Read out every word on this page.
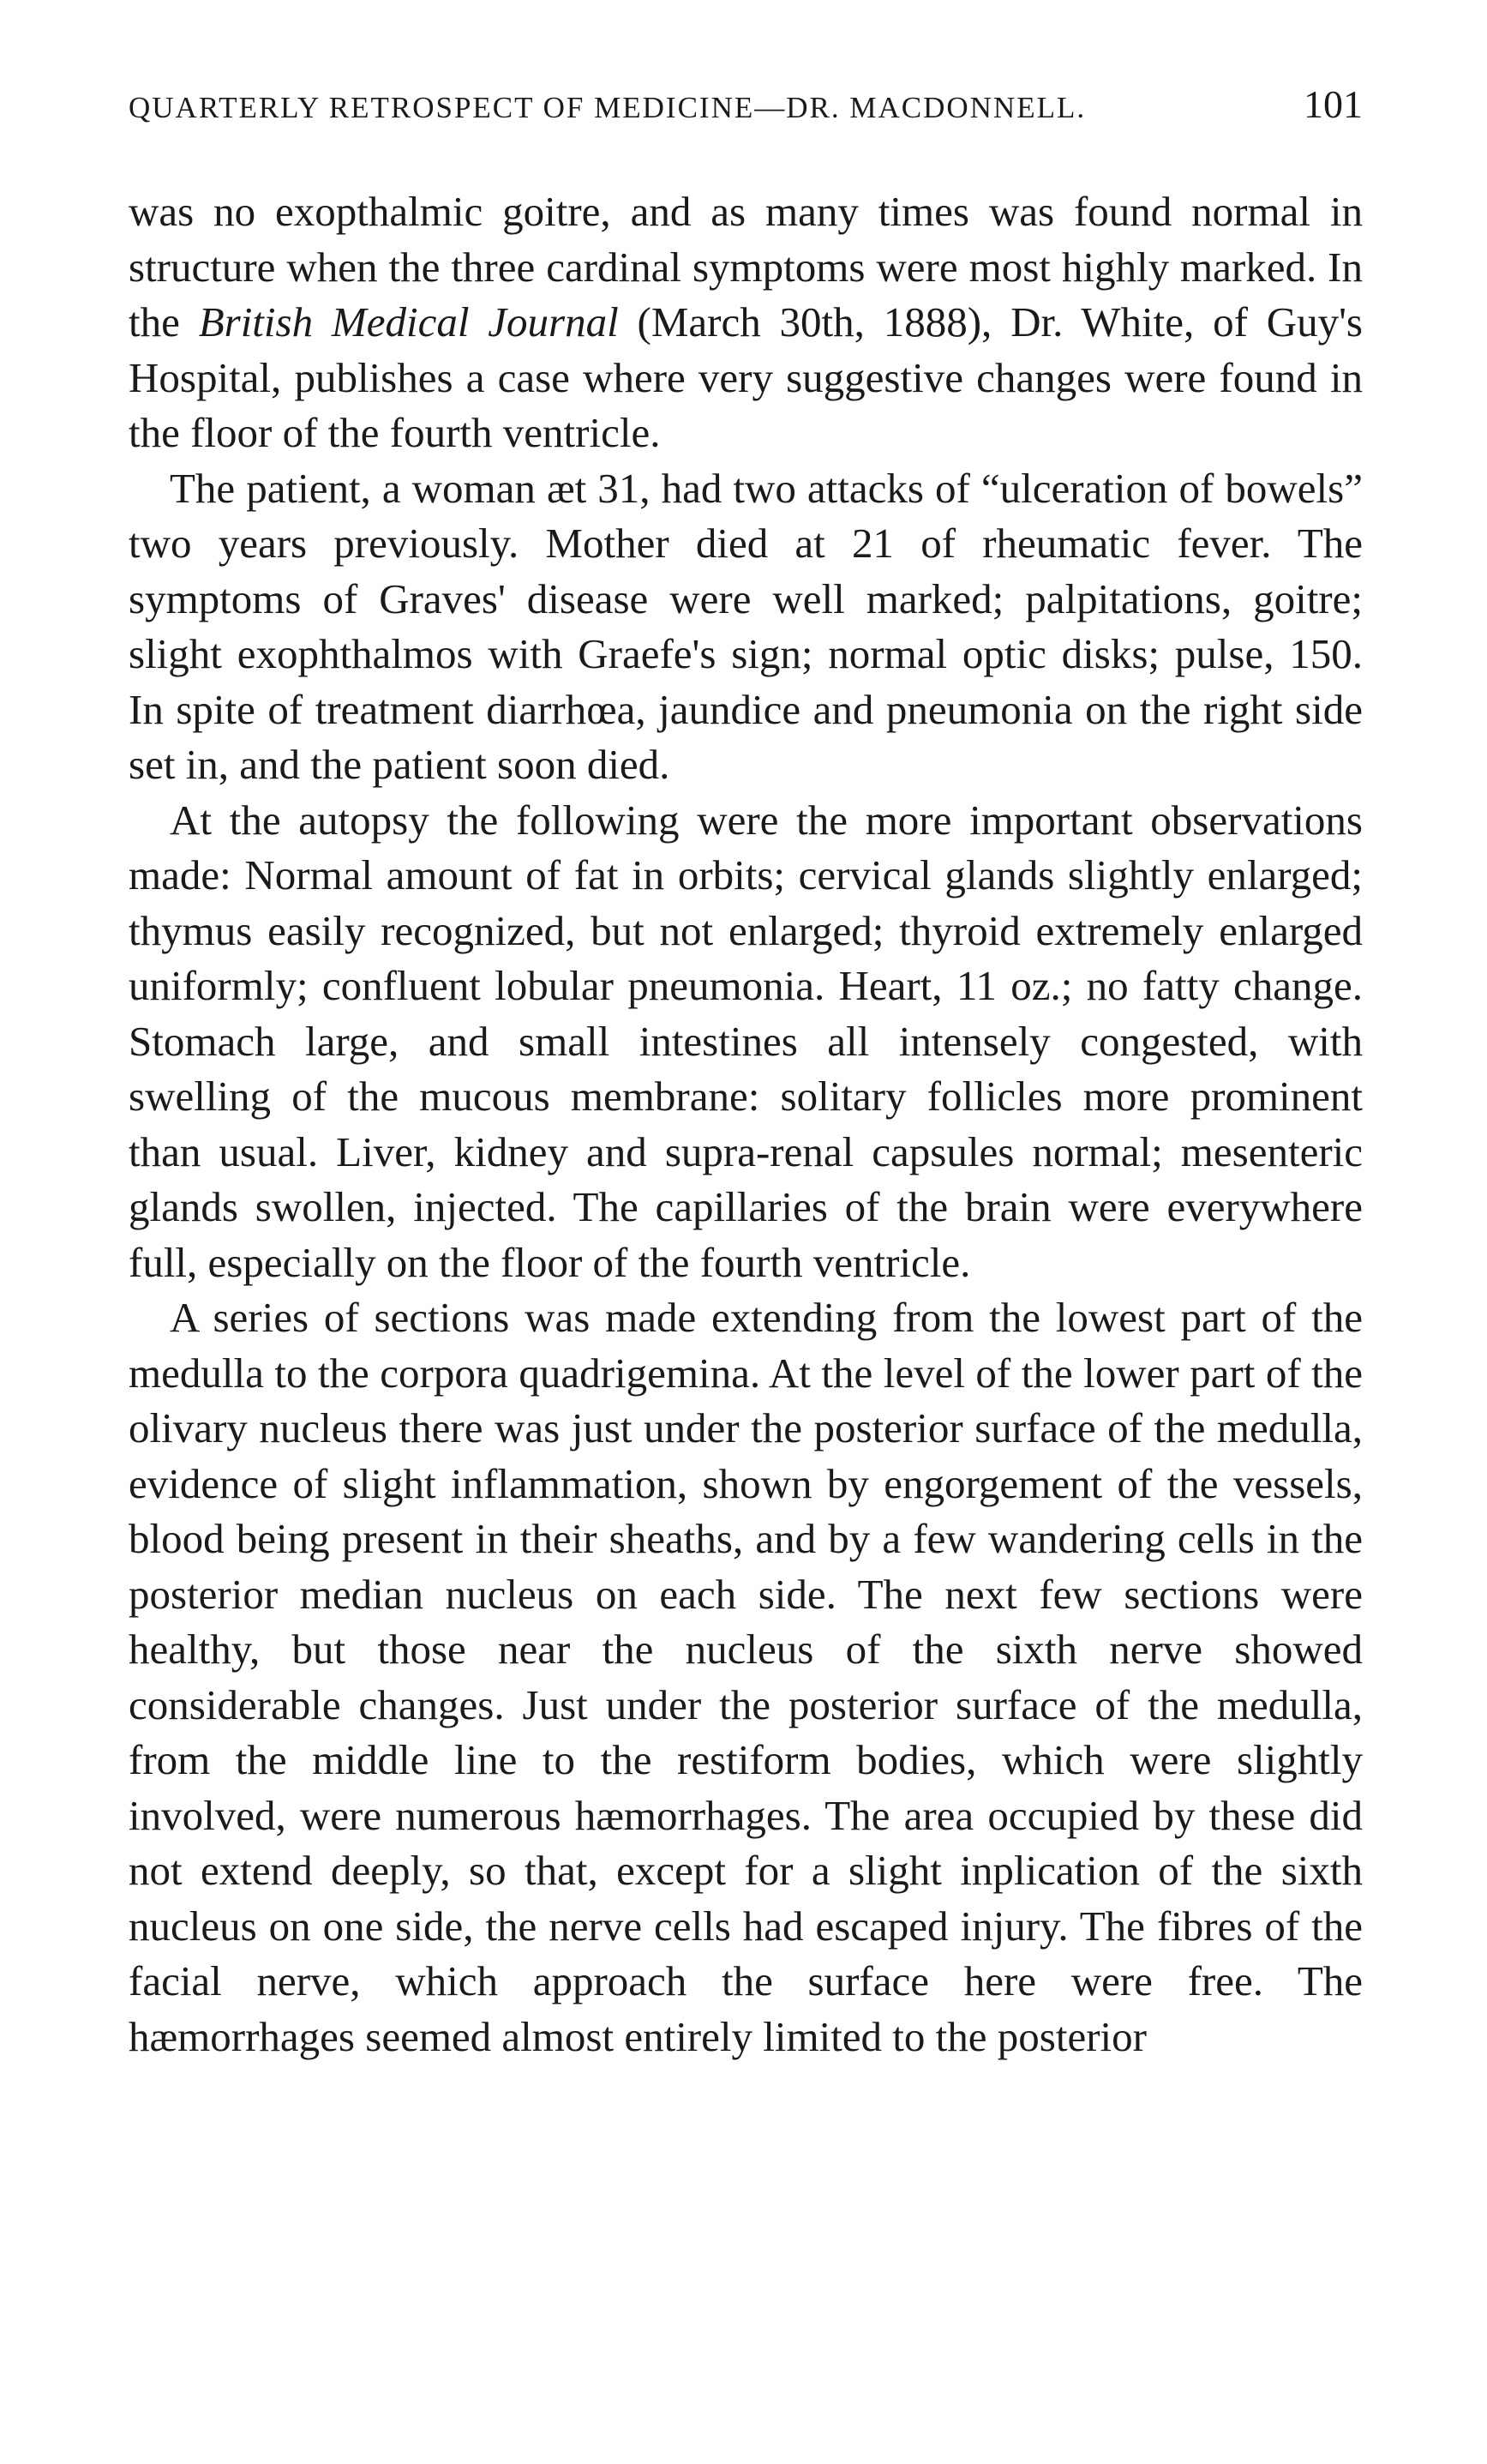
QUARTERLY RETROSPECT OF MEDICINE—DR. MACDONNELL.	101

was no exopthalmic goitre, and as many times was found normal in structure when the three cardinal symptoms were most highly marked. In the British Medical Journal (March 30th, 1888), Dr. White, of Guy's Hospital, publishes a case where very suggestive changes were found in the floor of the fourth ventricle.

The patient, a woman æt 31, had two attacks of “ulceration of bowels” two years previously. Mother died at 21 of rheumatic fever. The symptoms of Graves' disease were well marked; palpitations, goitre; slight exophthalmos with Graefe's sign; normal optic disks; pulse, 150. In spite of treatment diarrhœa, jaundice and pneumonia on the right side set in, and the patient soon died.

At the autopsy the following were the more important observations made: Normal amount of fat in orbits; cervical glands slightly enlarged; thymus easily recognized, but not enlarged; thyroid extremely enlarged uniformly; confluent lobular pneumonia. Heart, 11 oz.; no fatty change. Stomach large, and small intestines all intensely congested, with swelling of the mucous membrane: solitary follicles more prominent than usual. Liver, kidney and supra-renal capsules normal; mesenteric glands swollen, injected. The capillaries of the brain were everywhere full, especially on the floor of the fourth ventricle.

A series of sections was made extending from the lowest part of the medulla to the corpora quadrigemina. At the level of the lower part of the olivary nucleus there was just under the posterior surface of the medulla, evidence of slight inflammation, shown by engorgement of the vessels, blood being present in their sheaths, and by a few wandering cells in the posterior median nucleus on each side. The next few sections were healthy, but those near the nucleus of the sixth nerve showed considerable changes. Just under the posterior surface of the medulla, from the middle line to the restiform bodies, which were slightly involved, were numerous hæmorrhages. The area occupied by these did not extend deeply, so that, except for a slight inplication of the sixth nucleus on one side, the nerve cells had escaped injury. The fibres of the facial nerve, which approach the surface here were free. The hæmorrhages seemed almost entirely limited to the posterior
